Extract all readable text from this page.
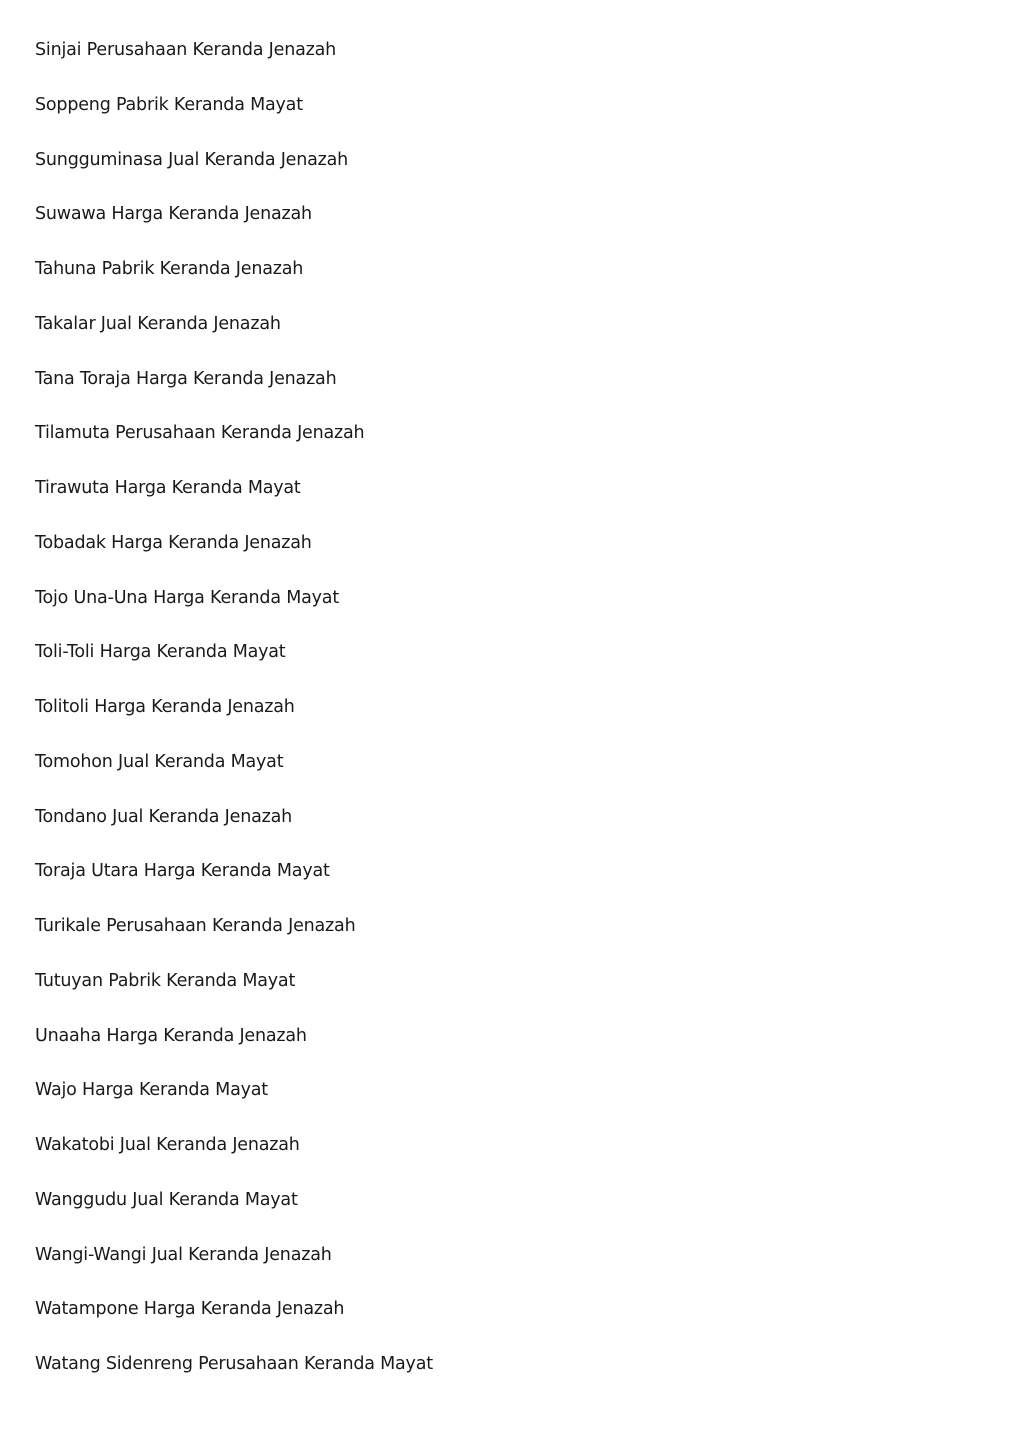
Sinjai Perusahaan Keranda Jenazah
Soppeng Pabrik Keranda Mayat
Sungguminasa Jual Keranda Jenazah
Suwawa Harga Keranda Jenazah
Tahuna Pabrik Keranda Jenazah
Takalar Jual Keranda Jenazah
Tana Toraja Harga Keranda Jenazah
Tilamuta Perusahaan Keranda Jenazah
Tirawuta Harga Keranda Mayat
Tobadak Harga Keranda Jenazah
Tojo Una-Una Harga Keranda Mayat
Toli-Toli Harga Keranda Mayat
Tolitoli Harga Keranda Jenazah
Tomohon Jual Keranda Mayat
Tondano Jual Keranda Jenazah
Toraja Utara Harga Keranda Mayat
Turikale Perusahaan Keranda Jenazah
Tutuyan Pabrik Keranda Mayat
Unaaha Harga Keranda Jenazah
Wajo Harga Keranda Mayat
Wakatobi Jual Keranda Jenazah
Wanggudu Jual Keranda Mayat
Wangi-Wangi Jual Keranda Jenazah
Watampone Harga Keranda Jenazah
Watang Sidenreng Perusahaan Keranda Mayat
